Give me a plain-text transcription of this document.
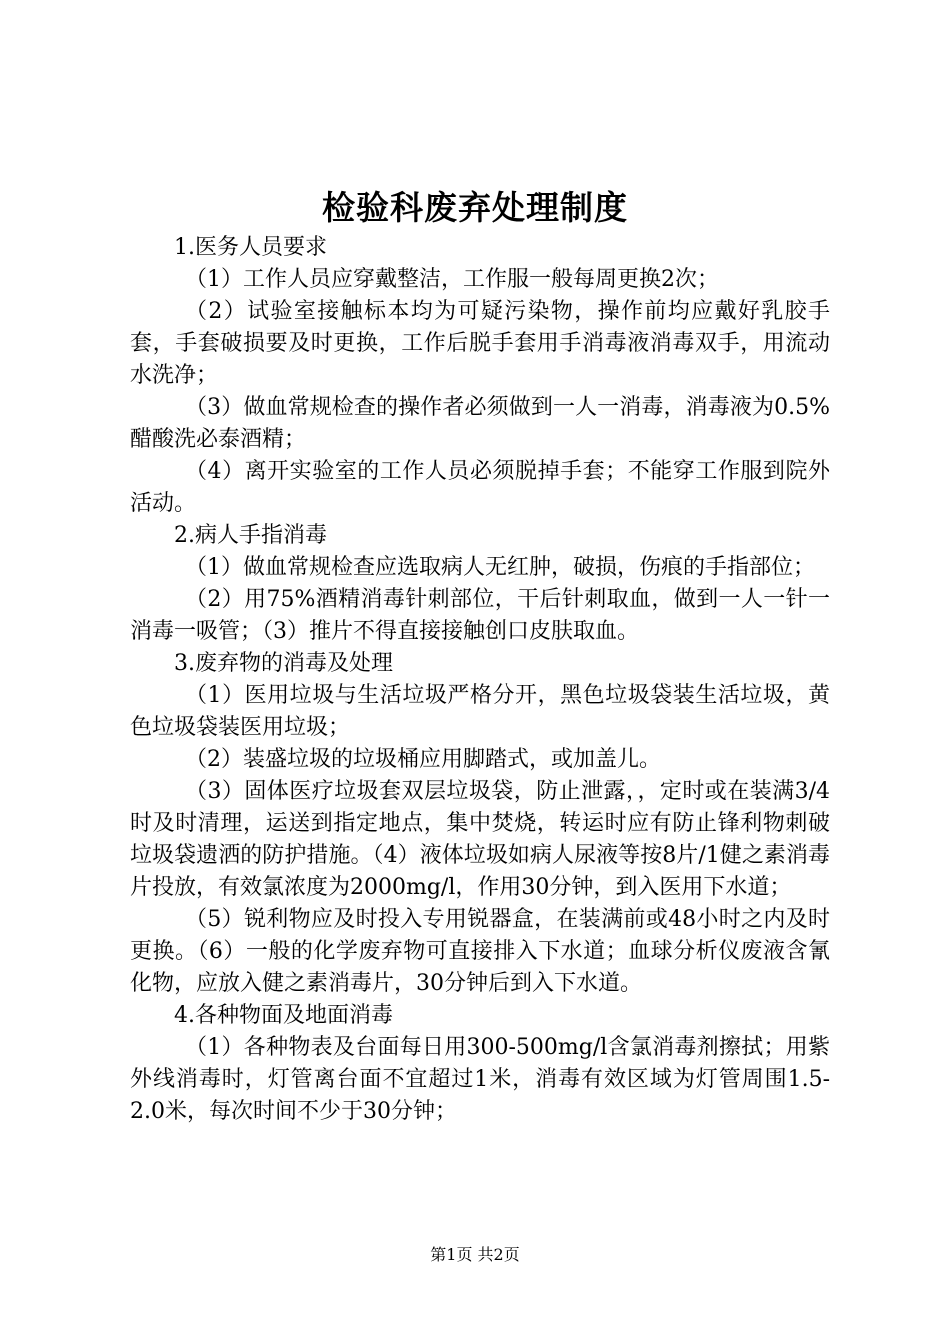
检验科废弃处理制度

1.医务人员要求

（1）工作人员应穿戴整洁，工作服一般每周更换2次；

（2）试验室接触标本均为可疑污染物，操作前均应戴好乳胶手套，手套破损要及时更换，工作后脱手套用手消毒液消毒双手，用流动水洗净；

（3）做血常规检查的操作者必须做到一人一消毒，消毒液为0.5%醋酸洗必泰酒精；

（4）离开实验室的工作人员必须脱掉手套；不能穿工作服到院外活动。

2.病人手指消毒

（1）做血常规检查应选取病人无红肿，破损，伤痕的手指部位；

（2）用75%酒精消毒针刺部位，干后针刺取血，做到一人一针一消毒一吸管；（3）推片不得直接接触创口皮肤取血。

3.废弃物的消毒及处理

（1）医用垃圾与生活垃圾严格分开，黑色垃圾袋装生活垃圾，黄色垃圾袋装医用垃圾；

（2）装盛垃圾的垃圾桶应用脚踏式，或加盖儿。

（3）固体医疗垃圾套双层垃圾袋，防止泄露，，定时或在装满3/4时及时清理，运送到指定地点，集中焚烧，转运时应有防止锋利物刺破垃圾袋遗洒的防护措施。（4）液体垃圾如病人尿液等按8片/1健之素消毒片投放，有效氯浓度为2000mg/l，作用30分钟，到入医用下水道；

（5）锐利物应及时投入专用锐器盒，在装满前或48小时之内及时更换。（6）一般的化学废弃物可直接排入下水道；血球分析仪废液含氰化物，应放入健之素消毒片，30分钟后到入下水道。

4.各种物面及地面消毒

（1）各种物表及台面每日用300-500mg/l含氯消毒剂擦拭；用紫外线消毒时，灯管离台面不宜超过1米，消毒有效区域为灯管周围1.5-2.0米，每次时间不少于30分钟；

第1页 共2页
